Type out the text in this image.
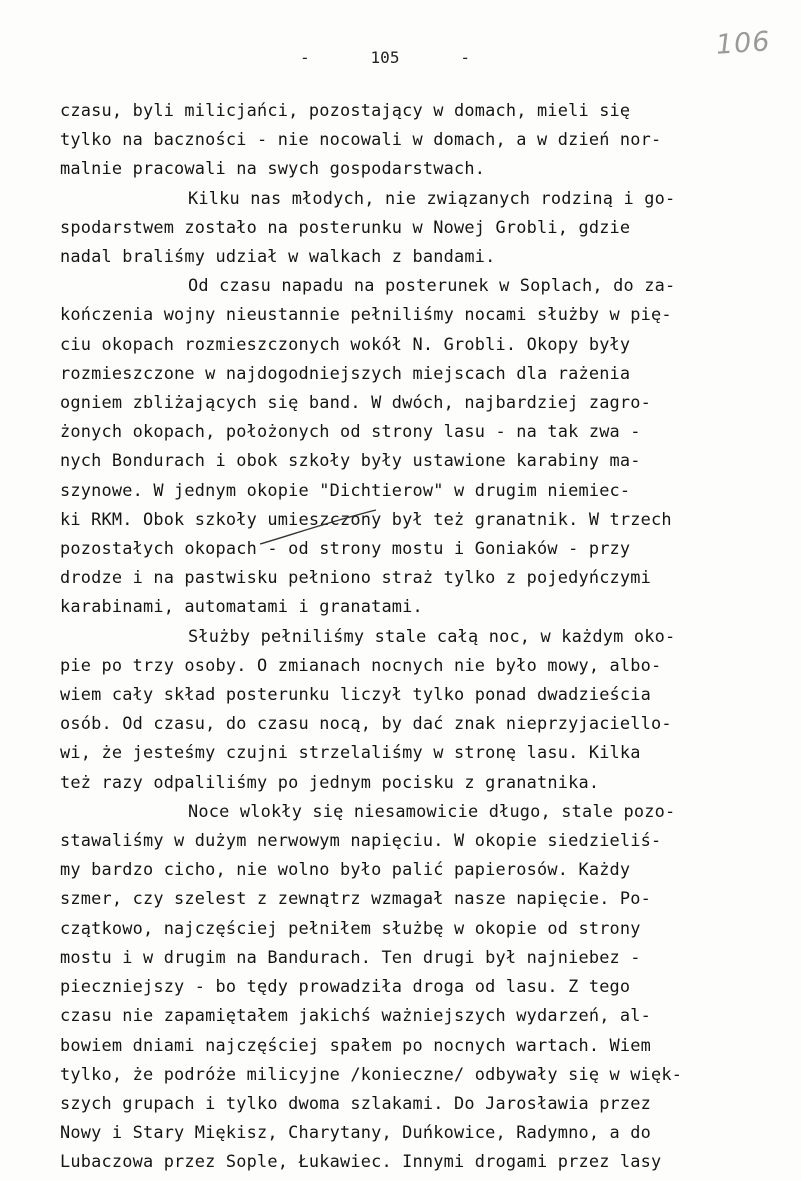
-	105	-	106
czasu, byli milicjańci, pozostający w domach, mieli się
tylko na baczności - nie nocowali w domach, a w dzień nor-
malnie pracowali na swych gospodarstwach.
Kilku nas młodych, nie związanych rodziną i go-
spodarstwem zostało na posterunku w Nowej Grobli, gdzie
nadal braliśmy udział w walkach z bandami.
Od czasu napadu na posterunek w Soplach, do za-
kończenia wojny nieustannie pełniliśmy nocami służby w pię-
ciu okopach rozmieszczonych wokół N. Grobli. Okopy były
rozmieszczone w najdogodniejszych miejscach dla rażenia
ogniem zbliżających się band. W dwóch, najbardziej zagro-
żonych okopach, położonych od strony lasu - na tak zwa -
nych Bondurach i obok szkoły były ustawione karabiny ma-
szynowe. W jednym okopie "Dichtierow" w drugim niemiec-
ki RKM. Obok szkoły umieszczony był też granatnik. W trzech
pozostałych okopach - od strony mostu i Goniaków - przy
drodze i na pastwisku pełniono straż tylko z pojedyńczymi
karabinami, automatami i granatami.
Służby pełniliśmy stale całą noc, w każdym oko-
pie po trzy osoby. O zmianach nocnych nie było mowy, albo-
wiem cały skład posterunku liczył tylko ponad dwadzieścia
osób. Od czasu, do czasu nocą, by dać znak nieprzyjaciello-
wi, że jesteśmy czujni strzelaliśmy w stronę lasu. Kilka
też razy odpaliliśmy po jednym pocisku z granatnika.
Noce wlokły się niesamowicie długo, stale pozo-
stawaliśmy w dużym nerwowym napięciu. W okopie siedzieliś-
my bardzo cicho, nie wolno było palić papierosów. Każdy
szmer, czy szelest z zewnątrz wzmagał nasze napięcie. Po-
czątkowo, najczęściej pełniłem służbę w okopie od strony
mostu i w drugim na Bandurach. Ten drugi był najniebez -
pieczniejszy - bo tędy prowadziła droga od lasu. Z tego
czasu nie zapamiętałem jakichś ważniejszych wydarzeń, al-
bowiem dniami najczęściej spałem po nocnych wartach. Wiem
tylko, że podróże milicyjne /konieczne/ odbywały się w więk-
szych grupach i tylko dwoma szlakami. Do Jarosławia przez
Nowy i Stary Miękisz, Charytany, Duńkowice, Radymno, a do
Lubaczowa przez Sople, Łukawiec. Innymi drogami przez lasy
